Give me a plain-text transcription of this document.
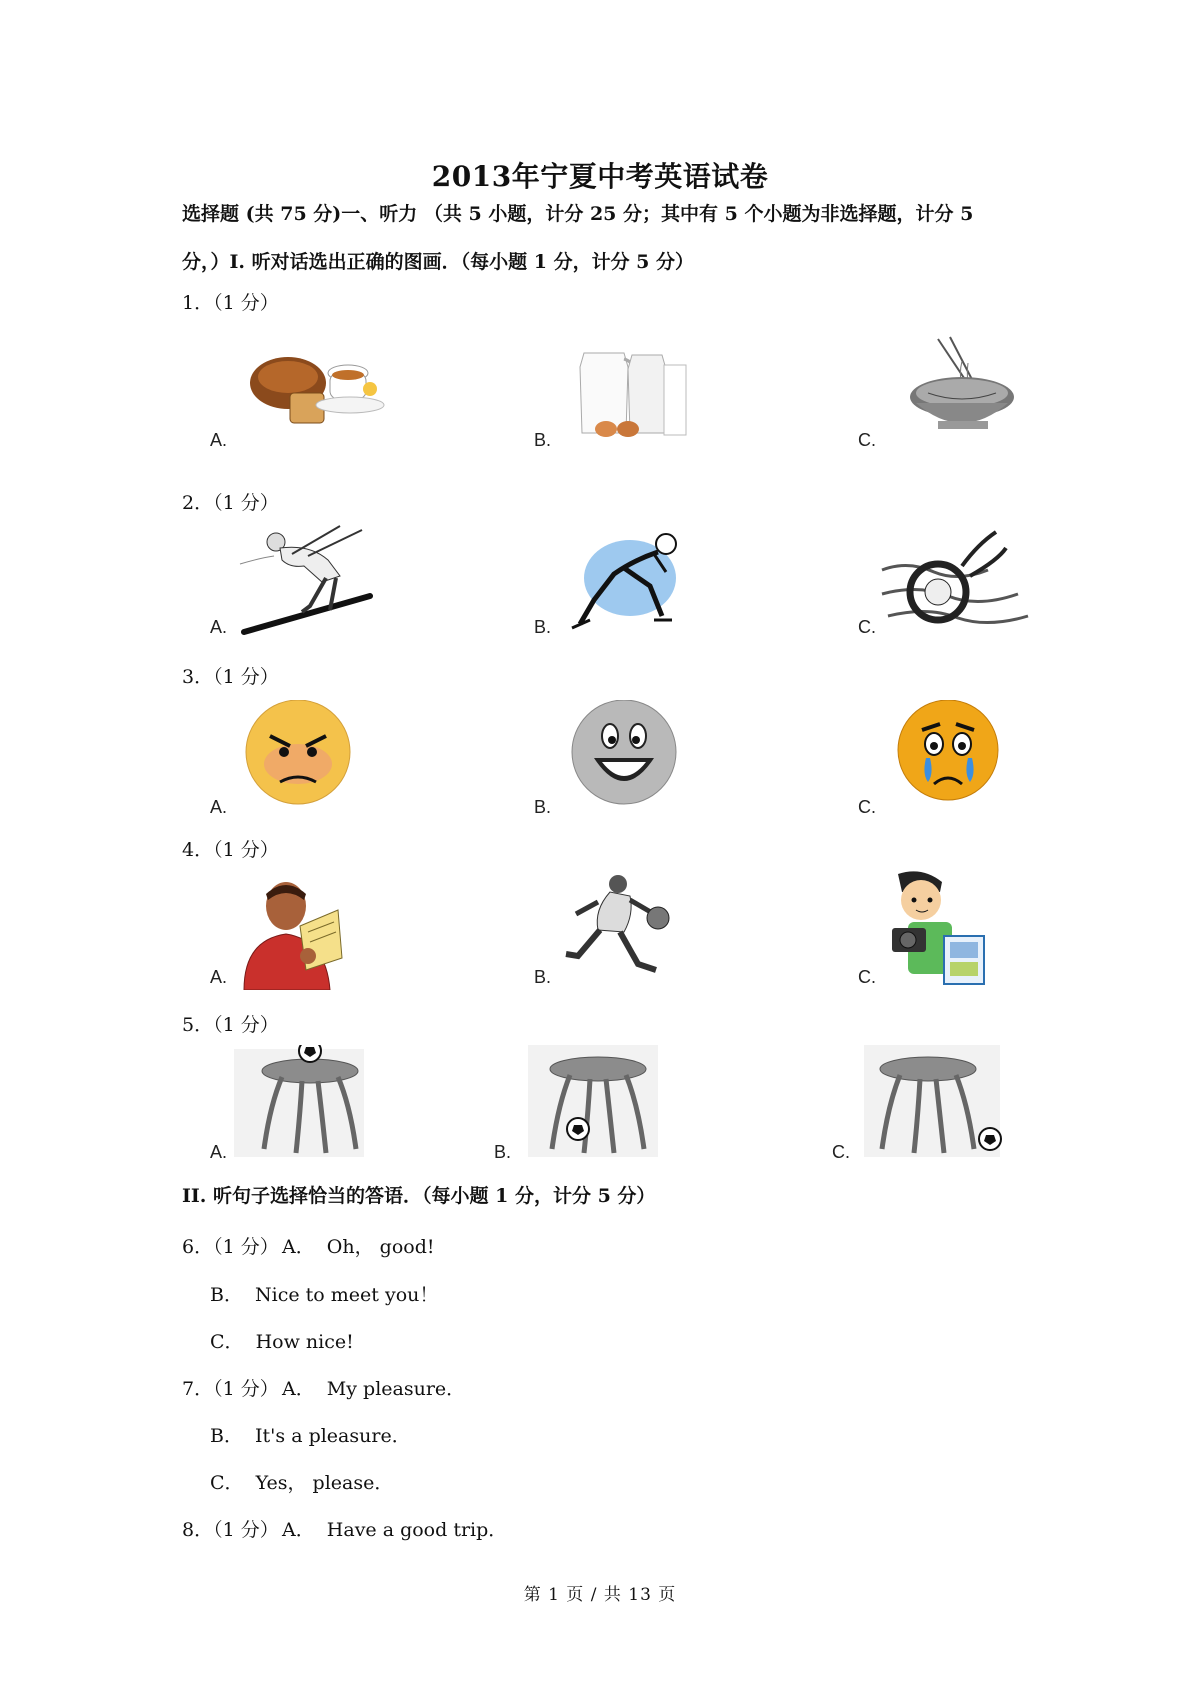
2013年宁夏中考英语试卷
选择题 (共 75 分)一、听力 （共 5 小题，计分 25 分；其中有 5 个小题为非选择题，计分 5
分，）I. 听对话选出正确的图画．（每小题 1 分，计分 5 分）
1．（1 分）
A.	B.	C.
2．（1 分）
A.	B.	C.
3．（1 分）
A.	B.	C.
4．（1 分）
A.	B.	C.
5．（1 分）
A.	B.	C.
II. 听句子选择恰当的答语．（每小题 1 分，计分 5 分）
6．（1 分） A．  Oh， good!
B．  Nice to meet you！
C．  How nice!
7．（1 分） A．  My pleasure．
B．  It's a pleasure．
C．  Yes， please．
8．（1 分） A．  Have a good trip．
第 1 页 / 共 13 页
